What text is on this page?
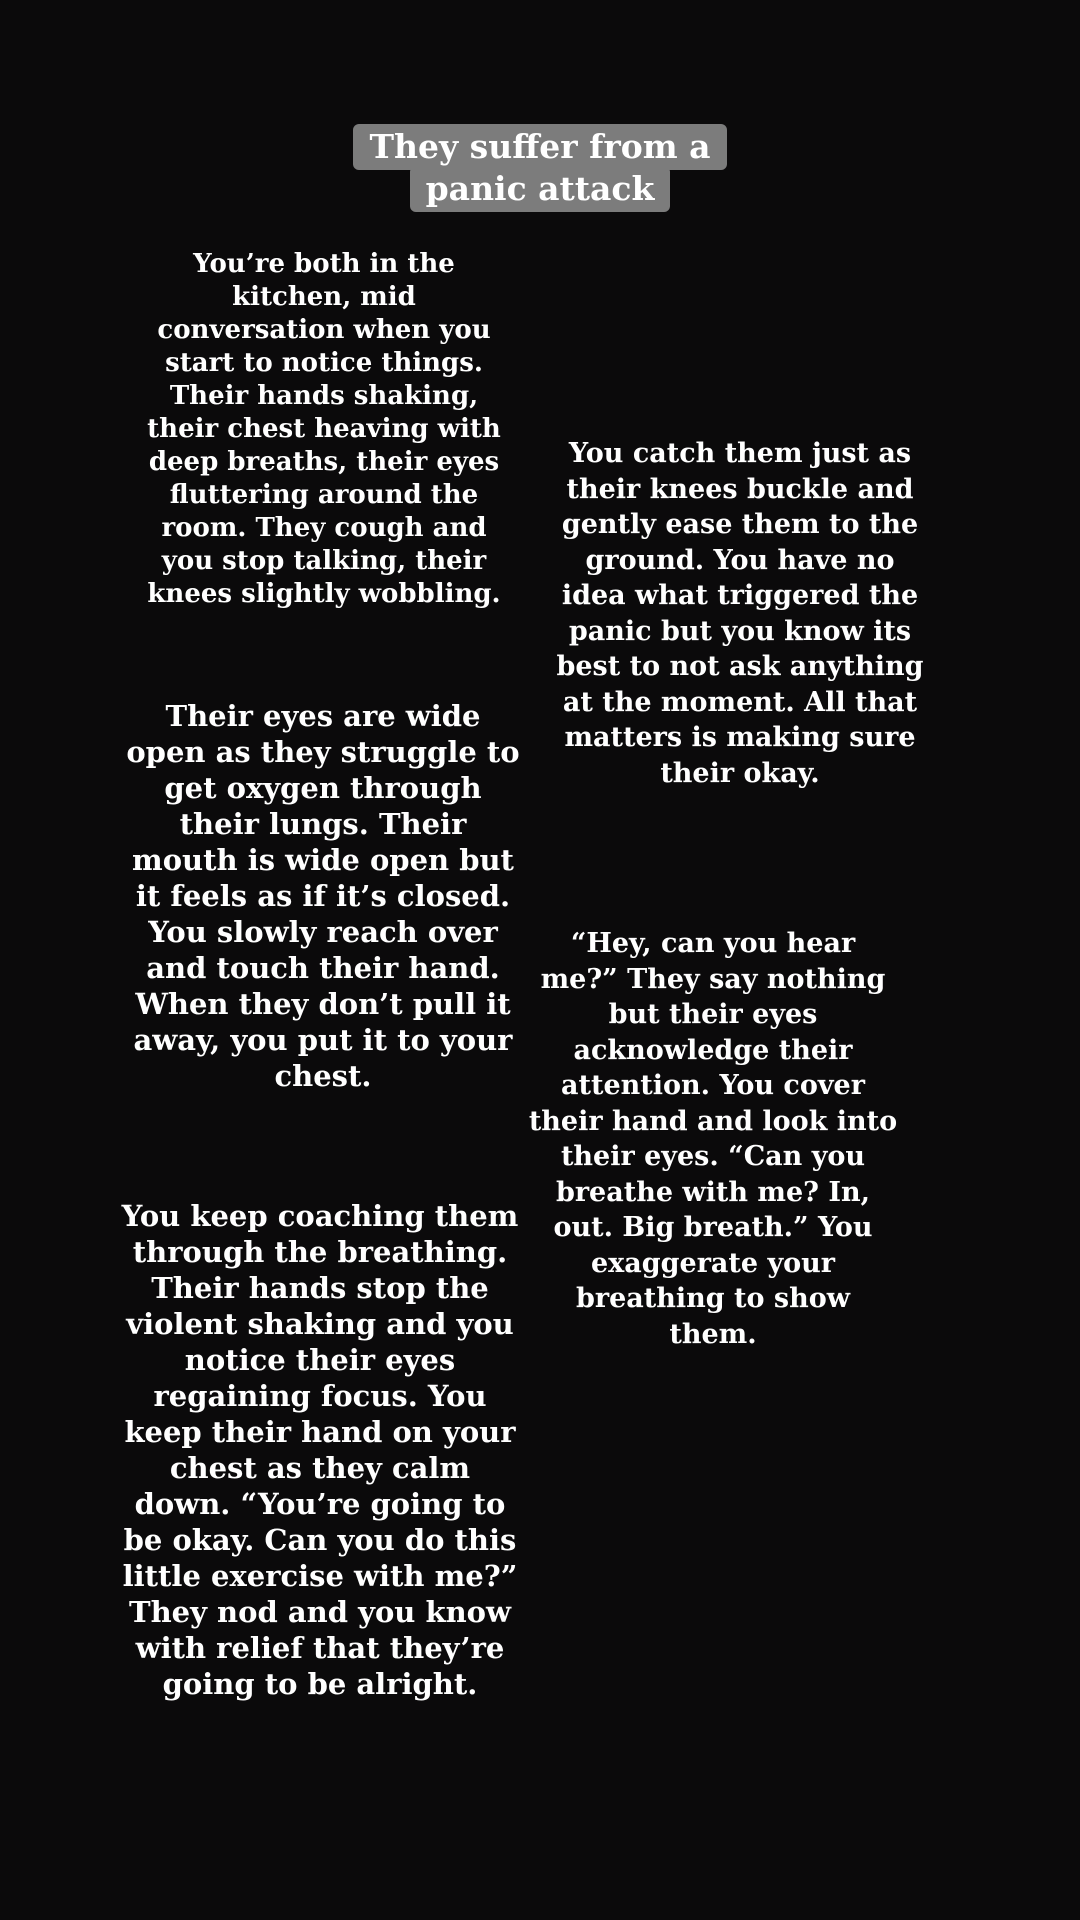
They suffer from a
panic attack

You’re both in the
kitchen, mid
conversation when you
start to notice things.
Their hands shaking,
their chest heaving with
deep breaths, their eyes
fluttering around the
room. They cough and
you stop talking, their
knees slightly wobbling.

You catch them just as
their knees buckle and
gently ease them to the
ground. You have no
idea what triggered the
panic but you know its
best to not ask anything
at the moment. All that
matters is making sure
their okay.

Their eyes are wide
open as they struggle to
get oxygen through
their lungs. Their
mouth is wide open but
it feels as if it’s closed.
You slowly reach over
and touch their hand.
When they don’t pull it
away, you put it to your
chest.

“Hey, can you hear
me?” They say nothing
but their eyes
acknowledge their
attention. You cover
their hand and look into
their eyes. “Can you
breathe with me? In,
out. Big breath.” You
exaggerate your
breathing to show
them.

You keep coaching them
through the breathing.
Their hands stop the
violent shaking and you
notice their eyes
regaining focus. You
keep their hand on your
chest as they calm
down. “You’re going to
be okay. Can you do this
little exercise with me?”
They nod and you know
with relief that they’re
going to be alright.
